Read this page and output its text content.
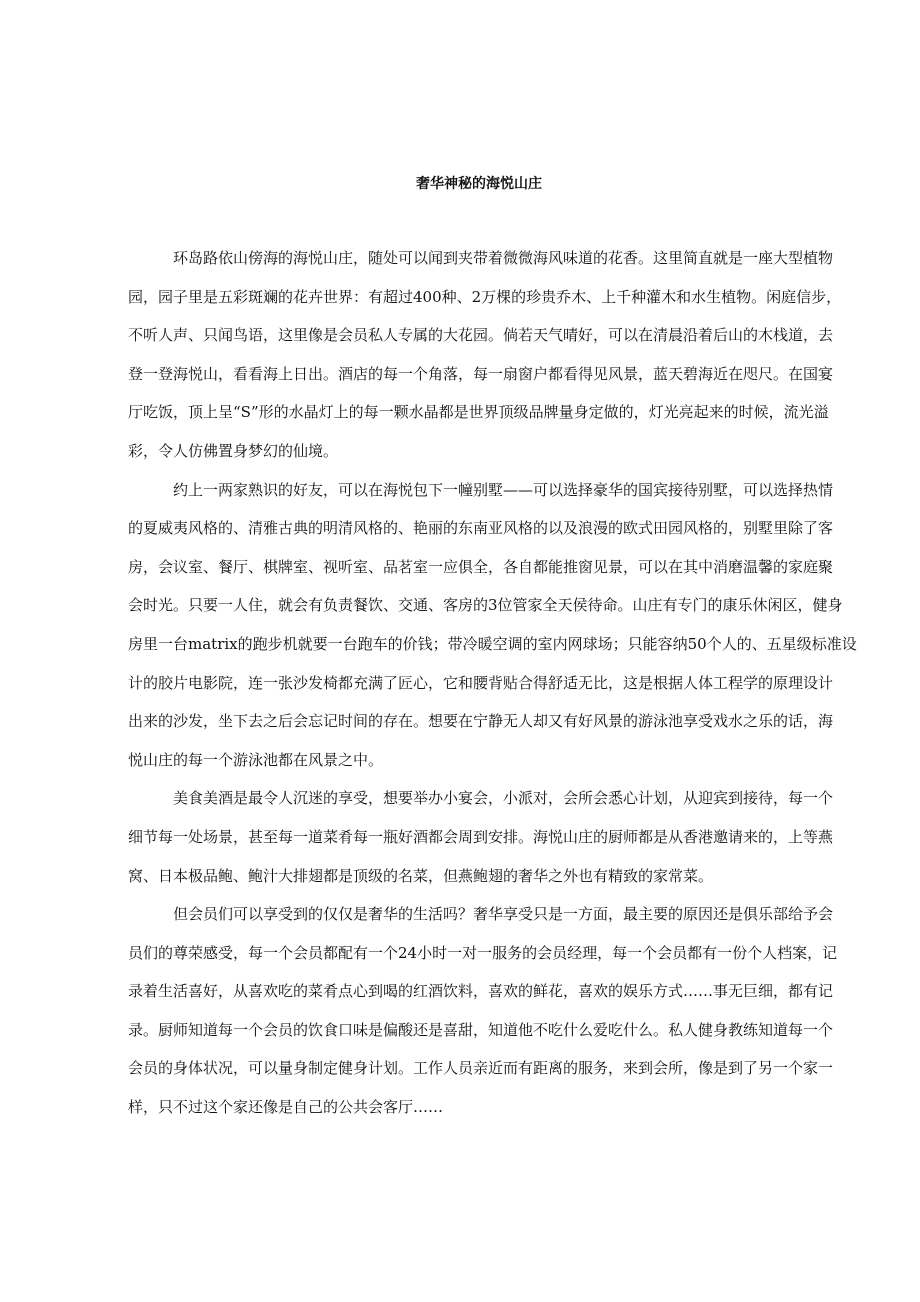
奢华神秘的海悦山庄
环岛路依山傍海的海悦山庄，随处可以闻到夹带着微微海风味道的花香。这里简直就是一座大型植物
园，园子里是五彩斑斓的花卉世界：有超过400种、2万棵的珍贵乔木、上千种灌木和水生植物。闲庭信步，
不听人声、只闻鸟语，这里像是会员私人专属的大花园。倘若天气晴好，可以在清晨沿着后山的木栈道，去
登一登海悦山，看看海上日出。酒店的每一个角落，每一扇窗户都看得见风景，蓝天碧海近在咫尺。在国宴
厅吃饭，顶上呈“S”形的水晶灯上的每一颗水晶都是世界顶级品牌量身定做的，灯光亮起来的时候，流光溢
彩，令人仿佛置身梦幻的仙境。
约上一两家熟识的好友，可以在海悦包下一幢别墅——可以选择豪华的国宾接待别墅，可以选择热情
的夏威夷风格的、清雅古典的明清风格的、艳丽的东南亚风格的以及浪漫的欧式田园风格的，别墅里除了客
房，会议室、餐厅、棋牌室、视听室、品茗室一应俱全，各自都能推窗见景，可以在其中消磨温馨的家庭聚
会时光。只要一人住，就会有负责餐饮、交通、客房的3位管家全天侯待命。山庄有专门的康乐休闲区，健身
房里一台matrix的跑步机就要一台跑车的价钱；带冷暖空调的室内网球场；只能容纳50个人的、五星级标准设
计的胶片电影院，连一张沙发椅都充满了匠心，它和腰背贴合得舒适无比，这是根据人体工程学的原理设计
出来的沙发，坐下去之后会忘记时间的存在。想要在宁静无人却又有好风景的游泳池享受戏水之乐的话，海
悦山庄的每一个游泳池都在风景之中。
美食美酒是最令人沉迷的享受，想要举办小宴会，小派对，会所会悉心计划，从迎宾到接待，每一个
细节每一处场景，甚至每一道菜肴每一瓶好酒都会周到安排。海悦山庄的厨师都是从香港邀请来的，上等燕
窝、日本极品鲍、鲍汁大排翅都是顶级的名菜，但燕鲍翅的奢华之外也有精致的家常菜。
但会员们可以享受到的仅仅是奢华的生活吗？奢华享受只是一方面，最主要的原因还是俱乐部给予会
员们的尊荣感受，每一个会员都配有一个24小时一对一服务的会员经理，每一个会员都有一份个人档案，记
录着生活喜好，从喜欢吃的菜肴点心到喝的红酒饮料，喜欢的鲜花，喜欢的娱乐方式……事无巨细，都有记
录。厨师知道每一个会员的饮食口味是偏酸还是喜甜，知道他不吃什么爱吃什么。私人健身教练知道每一个
会员的身体状况，可以量身制定健身计划。工作人员亲近而有距离的服务，来到会所，像是到了另一个家一
样，只不过这个家还像是自己的公共会客厅……
